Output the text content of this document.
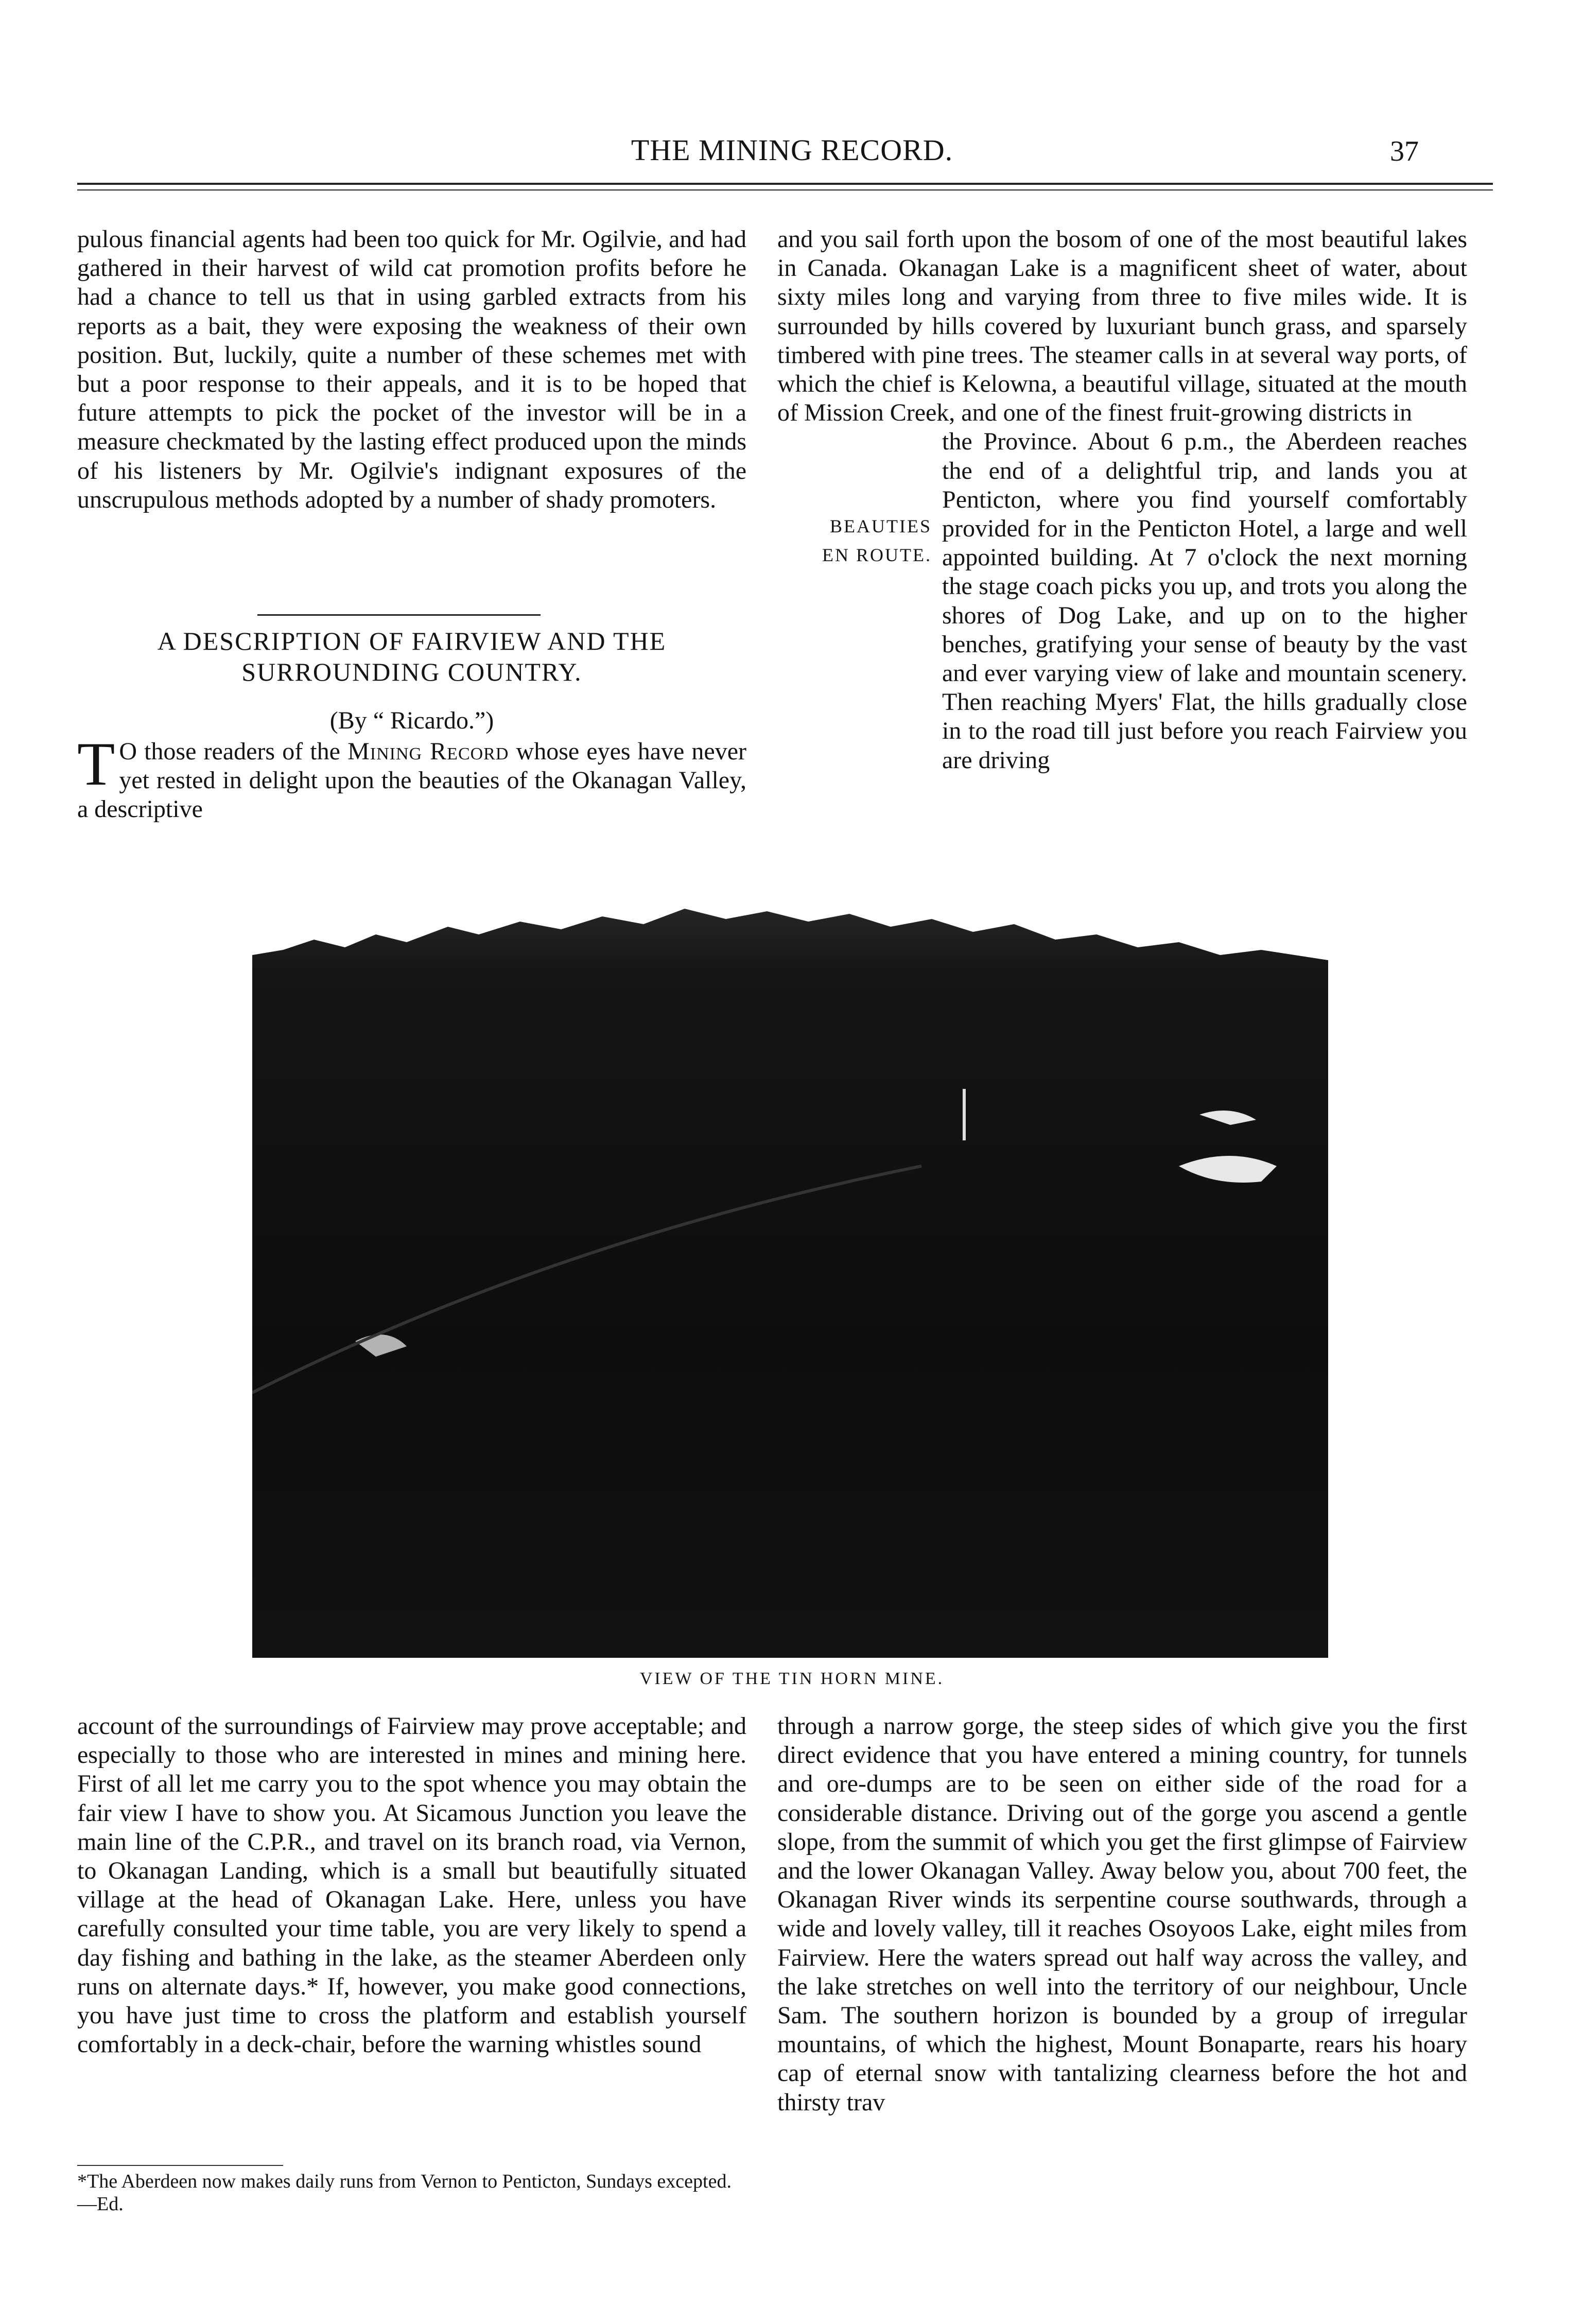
THE MINING RECORD.	37

pulous financial agents had been too quick for Mr. Ogilvie, and had gathered in their harvest of wild cat promotion profits before he had a chance to tell us that in using garbled extracts from his reports as a bait, they were exposing the weakness of their own position. But, luckily, quite a number of these schemes met with but a poor response to their appeals, and it is to be hoped that future attempts to pick the pocket of the investor will be in a measure checkmated by the lasting effect produced upon the minds of his listeners by Mr. Ogilvie's indignant exposures of the unscrupulous methods adopted by a number of shady promoters.

A DESCRIPTION OF FAIRVIEW AND THE SURROUNDING COUNTRY.
(By “ Ricardo.”)

T O those readers of the Mining Record whose eyes have never yet rested in delight upon the beauties of the Okanagan Valley, a descriptive

and you sail forth upon the bosom of one of the most beautiful lakes in Canada. Okanagan Lake is a magnificent sheet of water, about sixty miles long and varying from three to five miles wide. It is surrounded by hills covered by luxuriant bunch grass, and sparsely timbered with pine trees. The steamer calls in at several way ports, of which the chief is Kelowna, a beautiful village, situated at the mouth of Mission Creek, and one of the finest fruit-growing districts in

the Province. About 6 p.m., the Aberdeen reaches the end of a delightful trip, and lands you at Penticton, where you find yourself comfortably provided for in the Penticton Hotel, a large and well appointed building. At 7 o'clock the next morning the stage coach picks you up, and trots you along the shores of Dog Lake, and up on to the higher benches, gratifying your sense of beauty by the vast and ever varying view of lake and mountain scenery. Then reaching Myers' Flat, the hills gradually close in to the road till just before you reach Fairview you are driving

BEAUTIES
EN ROUTE.
VIEW OF THE TIN HORN MINE.

account of the surroundings of Fairview may prove acceptable; and especially to those who are interested in mines and mining here. First of all let me carry you to the spot whence you may obtain the fair view I have to show you. At Sicamous Junction you leave the main line of the C.P.R., and travel on its branch road, via Vernon, to Okanagan Landing, which is a small but beautifully situated village at the head of Okanagan Lake. Here, unless you have carefully consulted your time table, you are very likely to spend a day fishing and bathing in the lake, as the steamer Aberdeen only runs on alternate days.* If, however, you make good connections, you have just time to cross the platform and establish yourself comfortably in a deck-chair, before the warning whistles sound

*The Aberdeen now makes daily runs from Vernon to Penticton, Sundays excepted.—Ed.

through a narrow gorge, the steep sides of which give you the first direct evidence that you have entered a mining country, for tunnels and ore-dumps are to be seen on either side of the road for a considerable distance. Driving out of the gorge you ascend a gentle slope, from the summit of which you get the first glimpse of Fairview and the lower Okanagan Valley. Away below you, about 700 feet, the Okanagan River winds its serpentine course southwards, through a wide and lovely valley, till it reaches Osoyoos Lake, eight miles from Fairview. Here the waters spread out half way across the valley, and the lake stretches on well into the territory of our neighbour, Uncle Sam. The southern horizon is bounded by a group of irregular mountains, of which the highest, Mount Bonaparte, rears his hoary cap of eternal snow with tantalizing clearness before the hot and thirsty trav
